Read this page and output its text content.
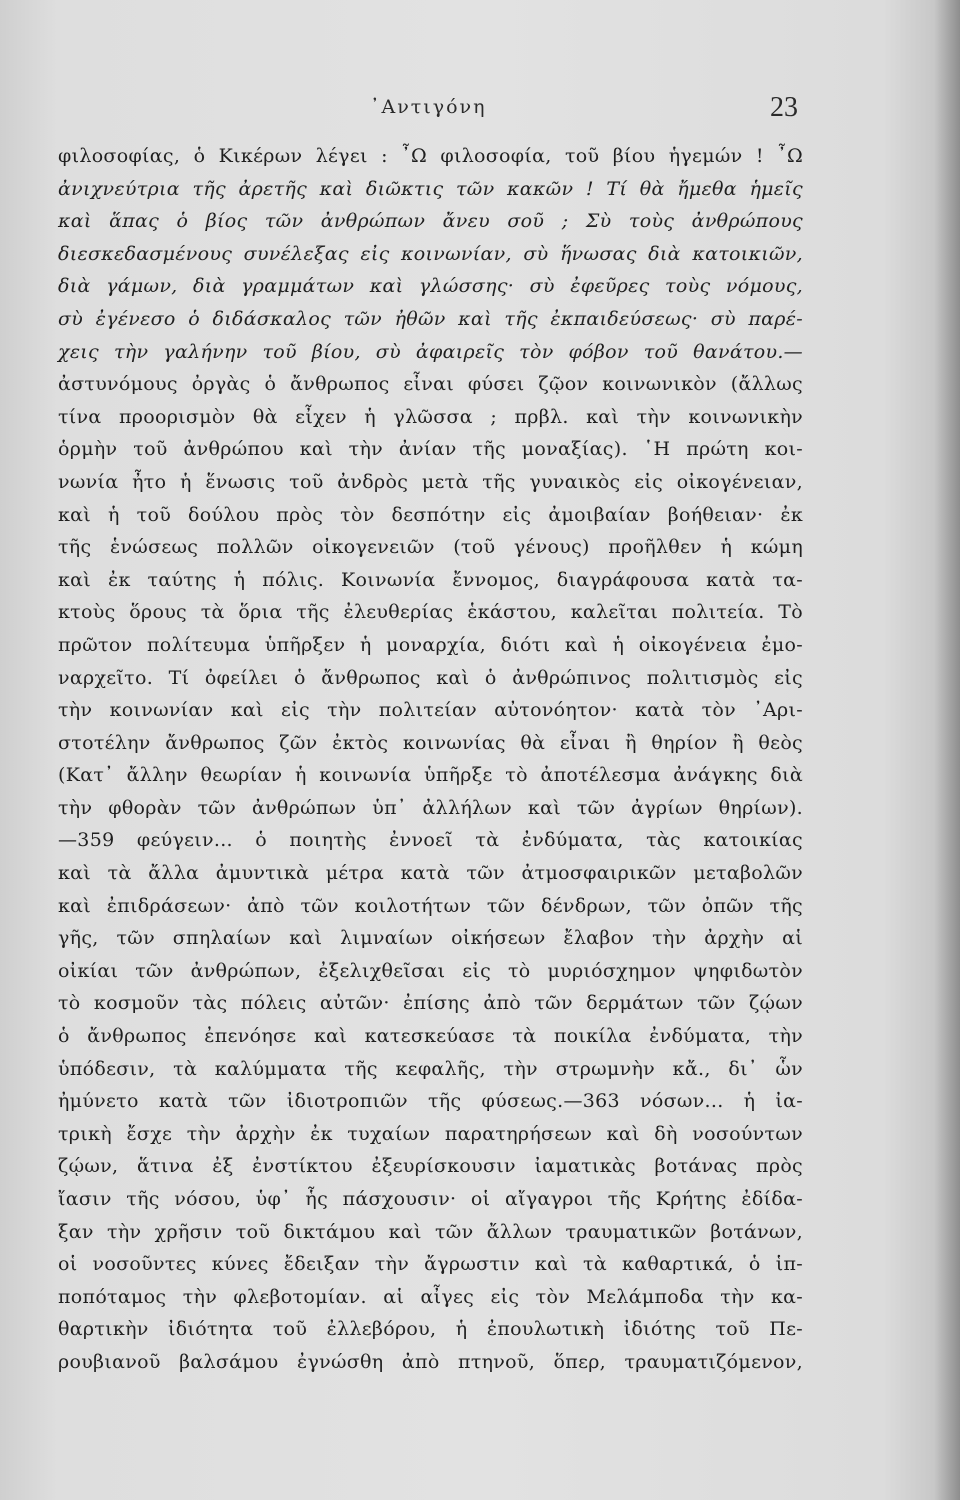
᾿Αντιγόνη	23
φιλοσοφίας, ὁ Κικέρων λέγει : ῏Ω φιλοσοφία, τοῦ βίου ἡγεμών ! ῏Ω
ἀνιχνεύτρια τῆς ἀρετῆς καὶ διῶκτις τῶν κακῶν ! Τί θὰ ἤμεθα ἡμεῖς
καὶ ἅπας ὁ βίος τῶν ἀνθρώπων ἄνευ σοῦ ; Σὺ τοὺς ἀνθρώπους
διεσκεδασμένους συνέλεξας εἰς κοινωνίαν, σὺ ἥνωσας διὰ κατοικιῶν,
διὰ γάμων, διὰ γραμμάτων καὶ γλώσσης· σὺ ἐφεῦρες τοὺς νόμους,
σὺ ἐγένεσο ὁ διδάσκαλος τῶν ἠθῶν καὶ τῆς ἐκπαιδεύσεως· σὺ παρέ-
χεις τὴν γαλήνην τοῦ βίου, σὺ ἀφαιρεῖς τὸν φόβον τοῦ θανάτου.—
ἀστυνόμους ὀργὰς ὁ ἄνθρωπος εἶναι φύσει ζῷον κοινωνικὸν (ἄλλως
τίνα προορισμὸν θὰ εἶχεν ἡ γλῶσσα ; πρβλ. καὶ τὴν κοινωνικὴν
ὁρμὴν τοῦ ἀνθρώπου καὶ τὴν ἀνίαν τῆς μοναξίας). ῾Η πρώτη κοι-
νωνία ἦτο ἡ ἕνωσις τοῦ ἀνδρὸς μετὰ τῆς γυναικὸς εἰς οἰκογένειαν,
καὶ ἡ τοῦ δούλου πρὸς τὸν δεσπότην εἰς ἀμοιβαίαν βοήθειαν· ἐκ
τῆς ἑνώσεως πολλῶν οἰκογενειῶν (τοῦ γένους) προῆλθεν ἡ κώμη
καὶ ἐκ ταύτης ἡ πόλις. Κοινωνία ἔννομος, διαγράφουσα κατὰ τα-
κτοὺς ὅρους τὰ ὅρια τῆς ἐλευθερίας ἑκάστου, καλεῖται πολιτεία. Τὸ
πρῶτον πολίτευμα ὑπῆρξεν ἡ μοναρχία, διότι καὶ ἡ οἰκογένεια ἐμο-
ναρχεῖτο. Τί ὀφείλει ὁ ἄνθρωπος καὶ ὁ ἀνθρώπινος πολιτισμὸς εἰς
τὴν κοινωνίαν καὶ εἰς τὴν πολιτείαν αὐτονόητον· κατὰ τὸν ᾿Αρι-
στοτέλην ἄνθρωπος ζῶν ἐκτὸς κοινωνίας θὰ εἶναι ἢ θηρίον ἢ θεὸς
(Κατ᾿ ἄλλην θεωρίαν ἡ κοινωνία ὑπῆρξε τὸ ἀποτέλεσμα ἀνάγκης διὰ
τὴν φθορὰν τῶν ἀνθρώπων ὑπ᾿ ἀλλήλων καὶ τῶν ἀγρίων θηρίων).
—359 φεύγειν... ὁ ποιητὴς ἐννοεῖ τὰ ἐνδύματα, τὰς κατοικίας
καὶ τὰ ἄλλα ἀμυντικὰ μέτρα κατὰ τῶν ἀτμοσφαιρικῶν μεταβολῶν
καὶ ἐπιδράσεων· ἀπὸ τῶν κοιλοτήτων τῶν δένδρων, τῶν ὀπῶν τῆς
γῆς, τῶν σπηλαίων καὶ λιμναίων οἰκήσεων ἔλαβον τὴν ἀρχὴν αἱ
οἰκίαι τῶν ἀνθρώπων, ἐξελιχθεῖσαι εἰς τὸ μυριόσχημον ψηφιδωτὸν
τὸ κοσμοῦν τὰς πόλεις αὐτῶν· ἐπίσης ἀπὸ τῶν δερμάτων τῶν ζῴων
ὁ ἄνθρωπος ἐπενόησε καὶ κατεσκεύασε τὰ ποικίλα ἐνδύματα, τὴν
ὑπόδεσιν, τὰ καλύμματα τῆς κεφαλῆς, τὴν στρωμνὴν κἄ., δι᾿ ὧν
ἠμύνετο κατὰ τῶν ἰδιοτροπιῶν τῆς φύσεως.—363 νόσων... ἡ ἰα-
τρικὴ ἔσχε τὴν ἀρχὴν ἐκ τυχαίων παρατηρήσεων καὶ δὴ νοσούντων
ζῴων, ἅτινα ἐξ ἐνστίκτου ἐξευρίσκουσιν ἰαματικὰς βοτάνας πρὸς
ἴασιν τῆς νόσου, ὑφ᾿ ἧς πάσχουσιν· οἱ αἴγαγροι τῆς Κρήτης ἐδίδα-
ξαν τὴν χρῆσιν τοῦ δικτάμου καὶ τῶν ἄλλων τραυματικῶν βοτάνων,
οἱ νοσοῦντες κύνες ἔδειξαν τὴν ἄγρωστιν καὶ τὰ καθαρτικά, ὁ ἱπ-
ποπόταμος τὴν φλεβοτομίαν. αἱ αἶγες εἰς τὸν Μελάμποδα τὴν κα-
θαρτικὴν ἰδιότητα τοῦ ἐλλεβόρου, ἡ ἐπουλωτικὴ ἰδιότης τοῦ Πε-
ρουβιανοῦ βαλσάμου ἐγνώσθη ἀπὸ πτηνοῦ, ὅπερ, τραυματιζόμενον,
